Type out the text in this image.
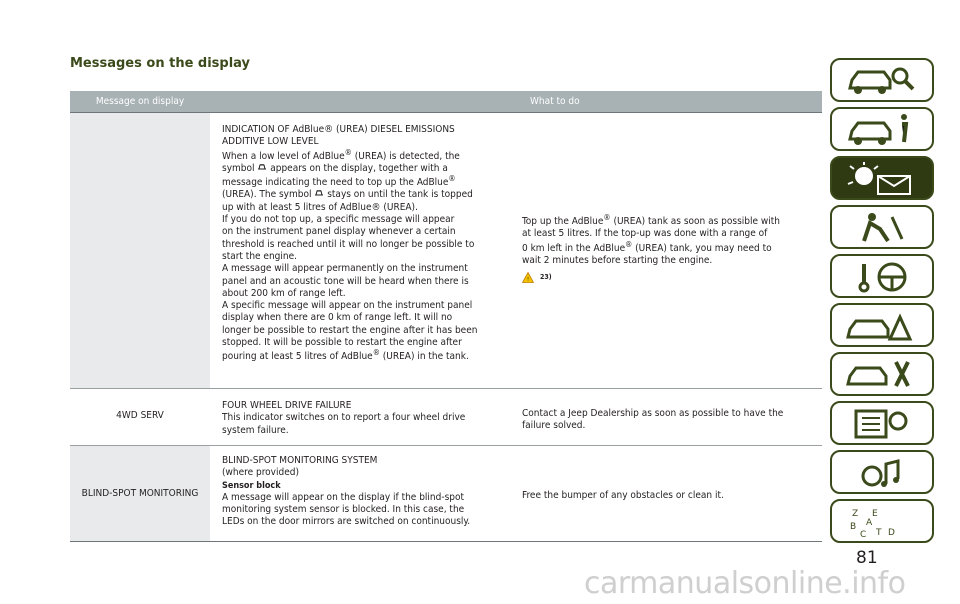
Messages on the display
Message on display	What to do
INDICATION OF AdBlue® (UREA) DIESEL EMISSIONS
ADDITIVE LOW LEVEL
When a low level of AdBlue® (UREA) is detected, the
symbol appears on the display, together with a
message indicating the need to top up the AdBlue®
(UREA). The symbol stays on until the tank is topped
up with at least 5 litres of AdBlue® (UREA).
If you do not top up, a specific message will appear
on the instrument panel display whenever a certain
threshold is reached until it will no longer be possible to
start the engine.
A message will appear permanently on the instrument
panel and an acoustic tone will be heard when there is
about 200 km of range left.
A specific message will appear on the instrument panel
display when there are 0 km of range left. It will no
longer be possible to restart the engine after it has been
stopped. It will be possible to restart the engine after
pouring at least 5 litres of AdBlue® (UREA) in the tank.
Top up the AdBlue® (UREA) tank as soon as possible with
at least 5 litres. If the top-up was done with a range of
0 km left in the AdBlue® (UREA) tank, you may need to
wait 2 minutes before starting the engine.
! 23)
4WD SERV
FOUR WHEEL DRIVE FAILURE
This indicator switches on to report a four wheel drive
system failure.
Contact a Jeep Dealership as soon as possible to have the
failure solved.
BLIND-SPOT MONITORING
BLIND-SPOT MONITORING SYSTEM
(where provided)
Sensor block
A message will appear on the display if the blind-spot
monitoring system sensor is blocked. In this case, the
LEDs on the door mirrors are switched on continuously.
Free the bumper of any obstacles or clean it.
Z E
B A
C T D
81
carmanualsonline.info
